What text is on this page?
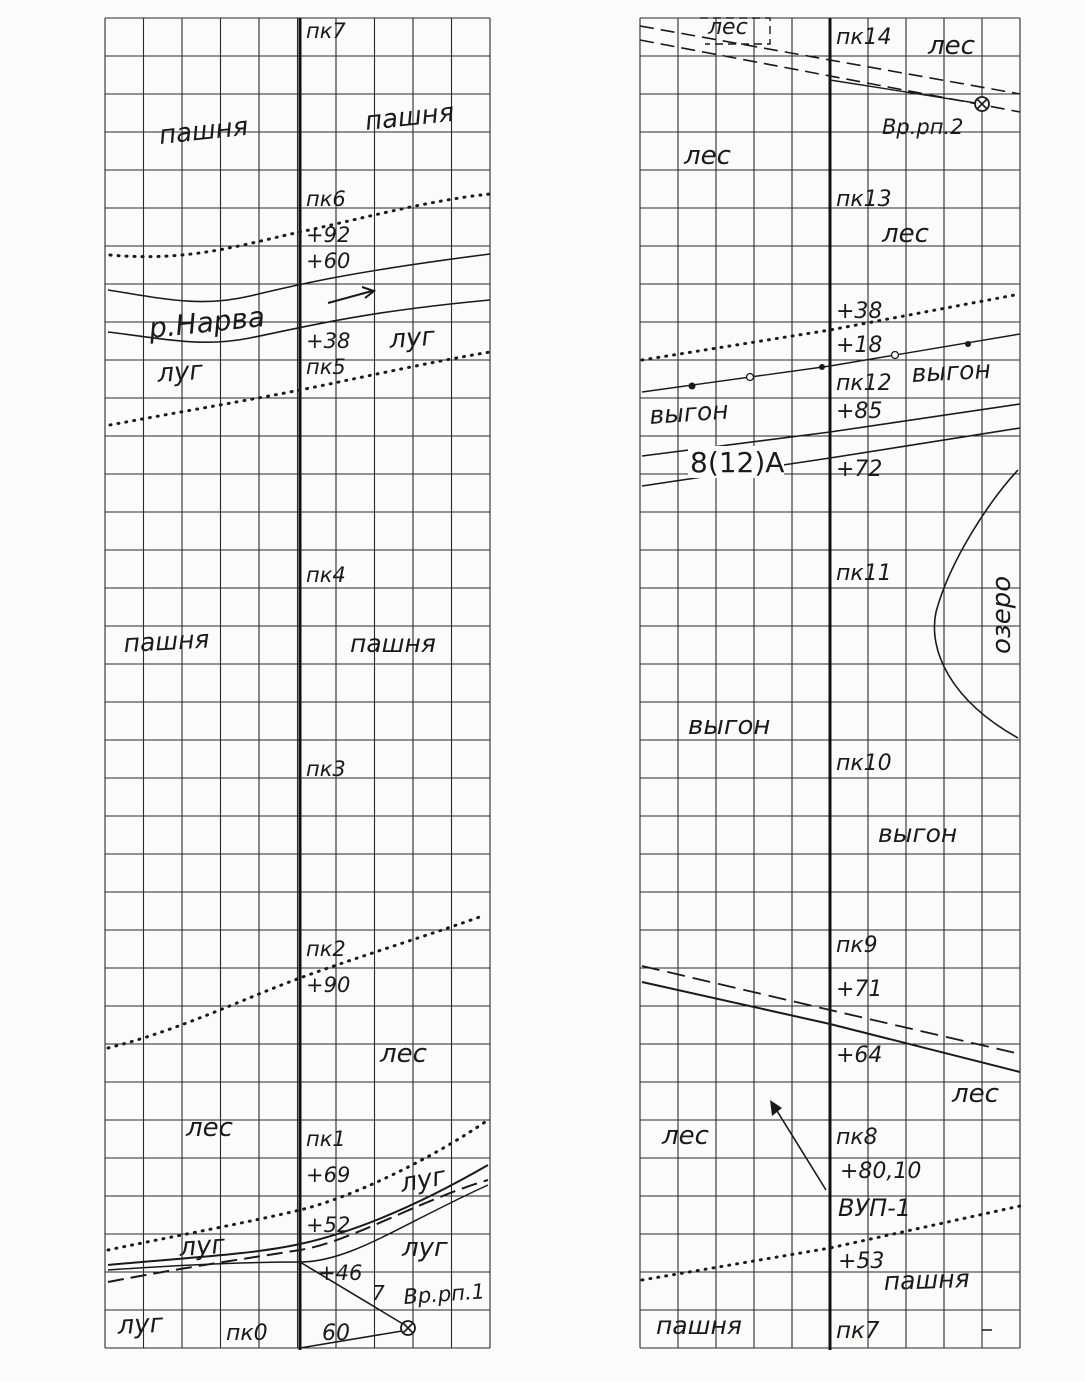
пк7
пашня	пашня
пк6
+92
+60
р.Нарва +38 луг
пк5
луг
пк4
пашня	пашня
пк3
пк2
+90
лес
лес	пк1
+69 луг
+52
луг	луг
+46
7 Вр.рп.1
луг	пк0 60
лес	пк14 лес
Вр.рп.2
лес
пк13
лес
+38
+18
выгон
пк12
выгон	+85
8(12)А +72
пк11
озеро
выгон
пк10
выгон
пк9
+71
+64
лес
лес	пк8
+80,10
ВУП-1
+53
пашня
пашня	пк7
